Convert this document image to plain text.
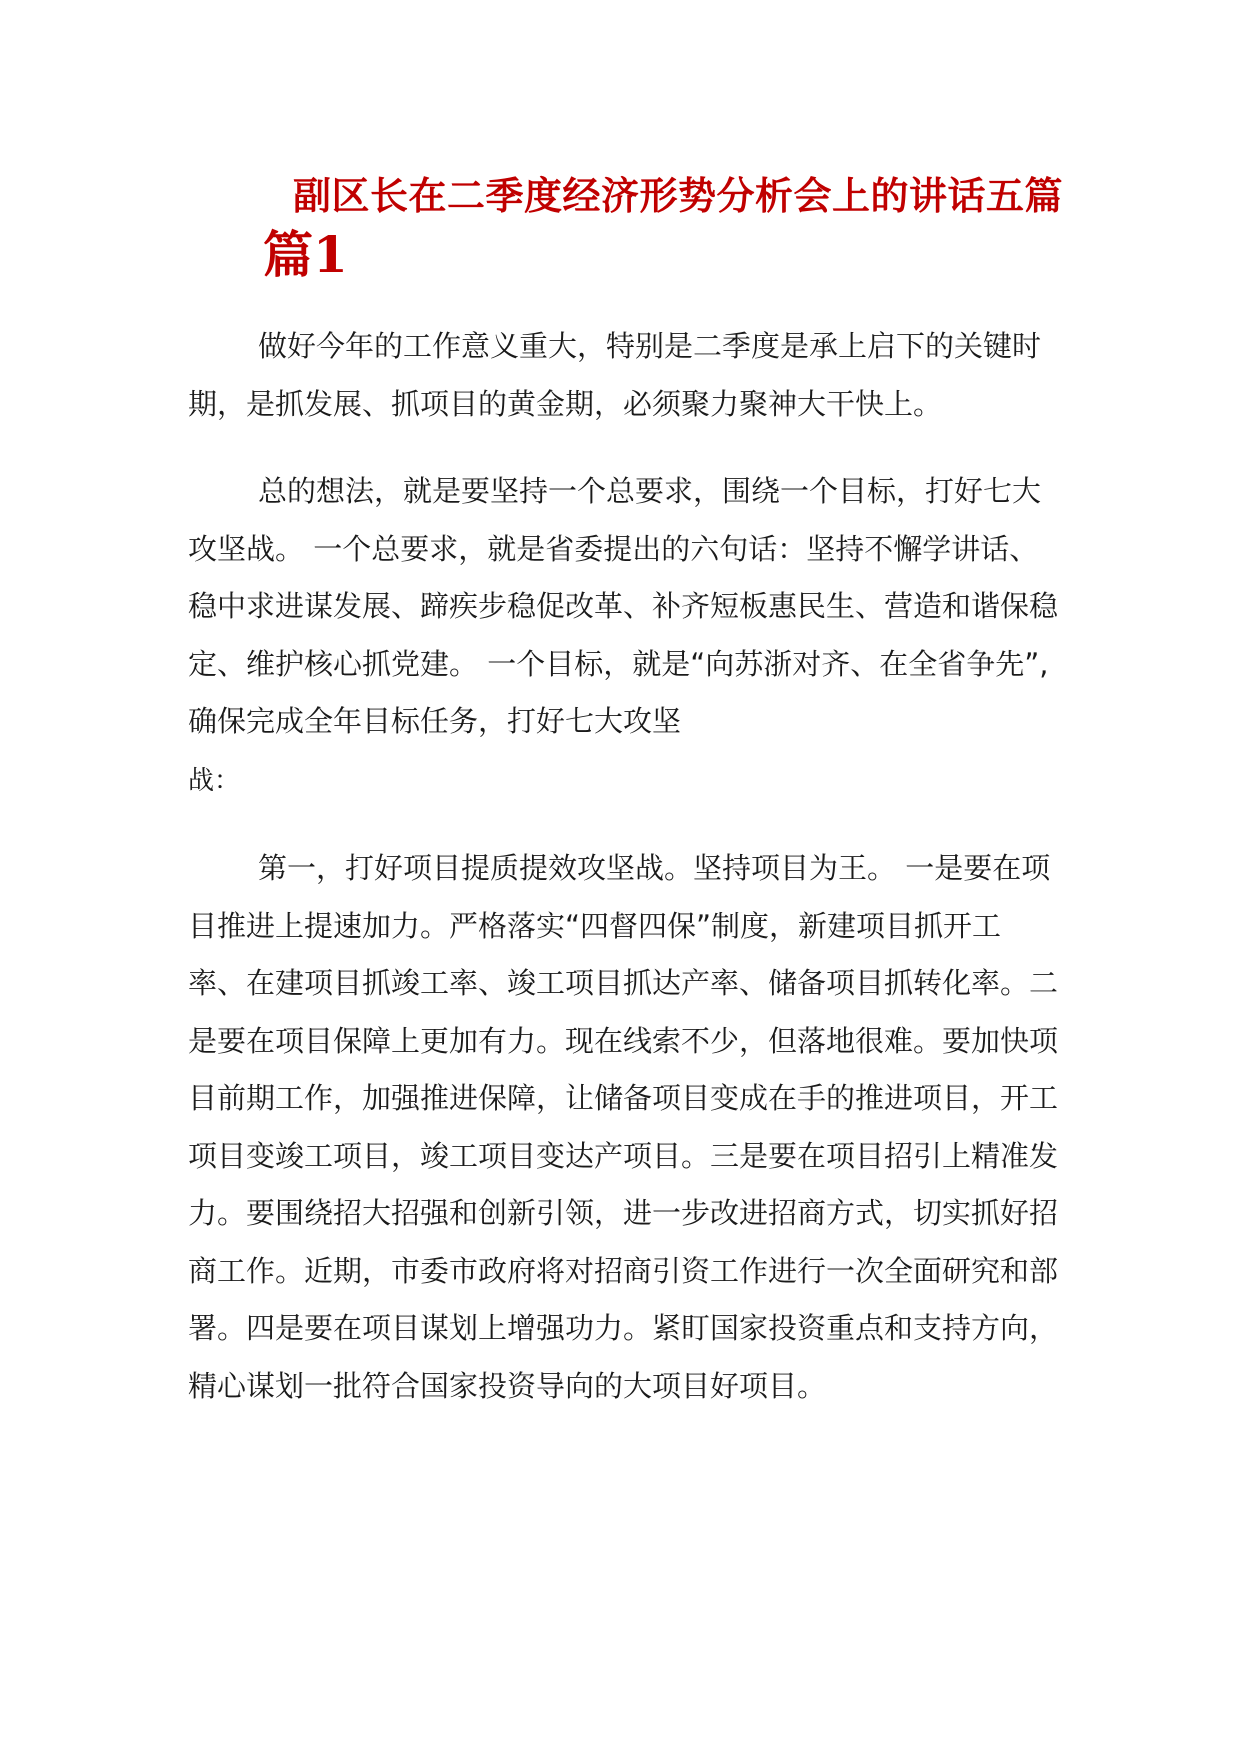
副区长在二季度经济形势分析会上的讲话五篇
篇1

做好今年的工作意义重大，特别是二季度是承上启下的关键时期，是抓发展、抓项目的黄金期，必须聚力聚神大干快上。

总的想法，就是要坚持一个总要求，围绕一个目标，打好七大攻坚战。 一个总要求，就是省委提出的六句话：坚持不懈学讲话、稳中求进谋发展、蹄疾步稳促改革、补齐短板惠民生、营造和谐保稳定、维护核心抓党建。 一个目标，就是“向苏浙对齐、在全省争先”,确保完成全年目标任务，打好七大攻坚
战：

第一，打好项目提质提效攻坚战。坚持项目为王。 一是要在项目推进上提速加力。严格落实“四督四保”制度，新建项目抓开工率、在建项目抓竣工率、竣工项目抓达产率、储备项目抓转化率。二是要在项目保障上更加有力。现在线索不少，但落地很难。要加快项目前期工作，加强推进保障，让储备项目变成在手的推进项目，开工项目变竣工项目，竣工项目变达产项目。三是要在项目招引上精准发力。要围绕招大招强和创新引领，进一步改进招商方式，切实抓好招商工作。近期，市委市政府将对招商引资工作进行一次全面研究和部署。四是要在项目谋划上增强功力。紧盯国家投资重点和支持方向，精心谋划一批符合国家投资导向的大项目好项目。
